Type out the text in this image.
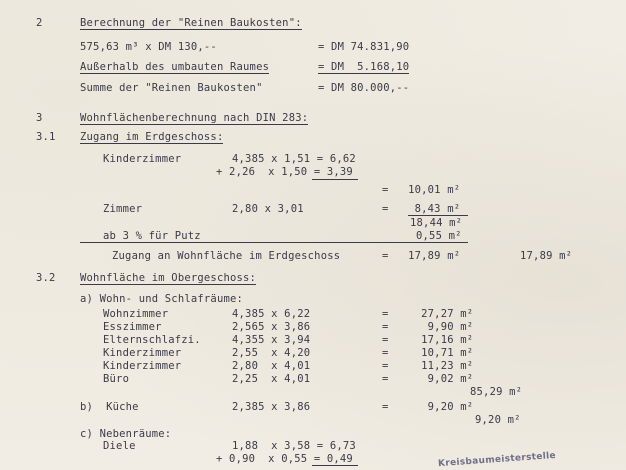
2	Berechnung der "Reinen Baukosten":
575,63 m³ x DM 130,--	= DM 74.831,90
Außerhalb des umbauten Raumes	= DM  5.168,10
Summe der "Reinen Baukosten"	= DM 80.000,--
3	Wohnflächenberechnung nach DIN 283:
3.1 Zugang im Erdgeschoss:
Kinderzimmer	4,385 x 1,51 = 6,62
+ 2,26  x 1,50 = 3,39
=   10,01 m²
Zimmer	2,80 x 3,01	=    8,43 m²
18,44 m²
ab 3 % für Putz	0,55 m²
Zugang an Wohnfläche im Erdgeschoss	=   17,89 m²	17,89 m²
3.2 Wohnfläche im Obergeschoss:
a) Wohn- und Schlafräume:
Wohnzimmer	4,385 x 6,22	=     27,27 m²
Esszimmer	2,565 x 3,86	=      9,90 m²
Elternschlafzi.	4,355 x 3,94	=     17,16 m²
Kinderzimmer	2,55  x 4,20	=     10,71 m²
Kinderzimmer	2,80  x 4,01	=     11,23 m²
Büro	2,25  x 4,01	=      9,02 m²
85,29 m²
b)  Küche	2,385 x 3,86	=      9,20 m²
9,20 m²
c) Nebenräume:
Diele	1,88  x 3,58 = 6,73
+ 0,90  x 0,55 = 0,49	Kreisbaumeisterstelle
